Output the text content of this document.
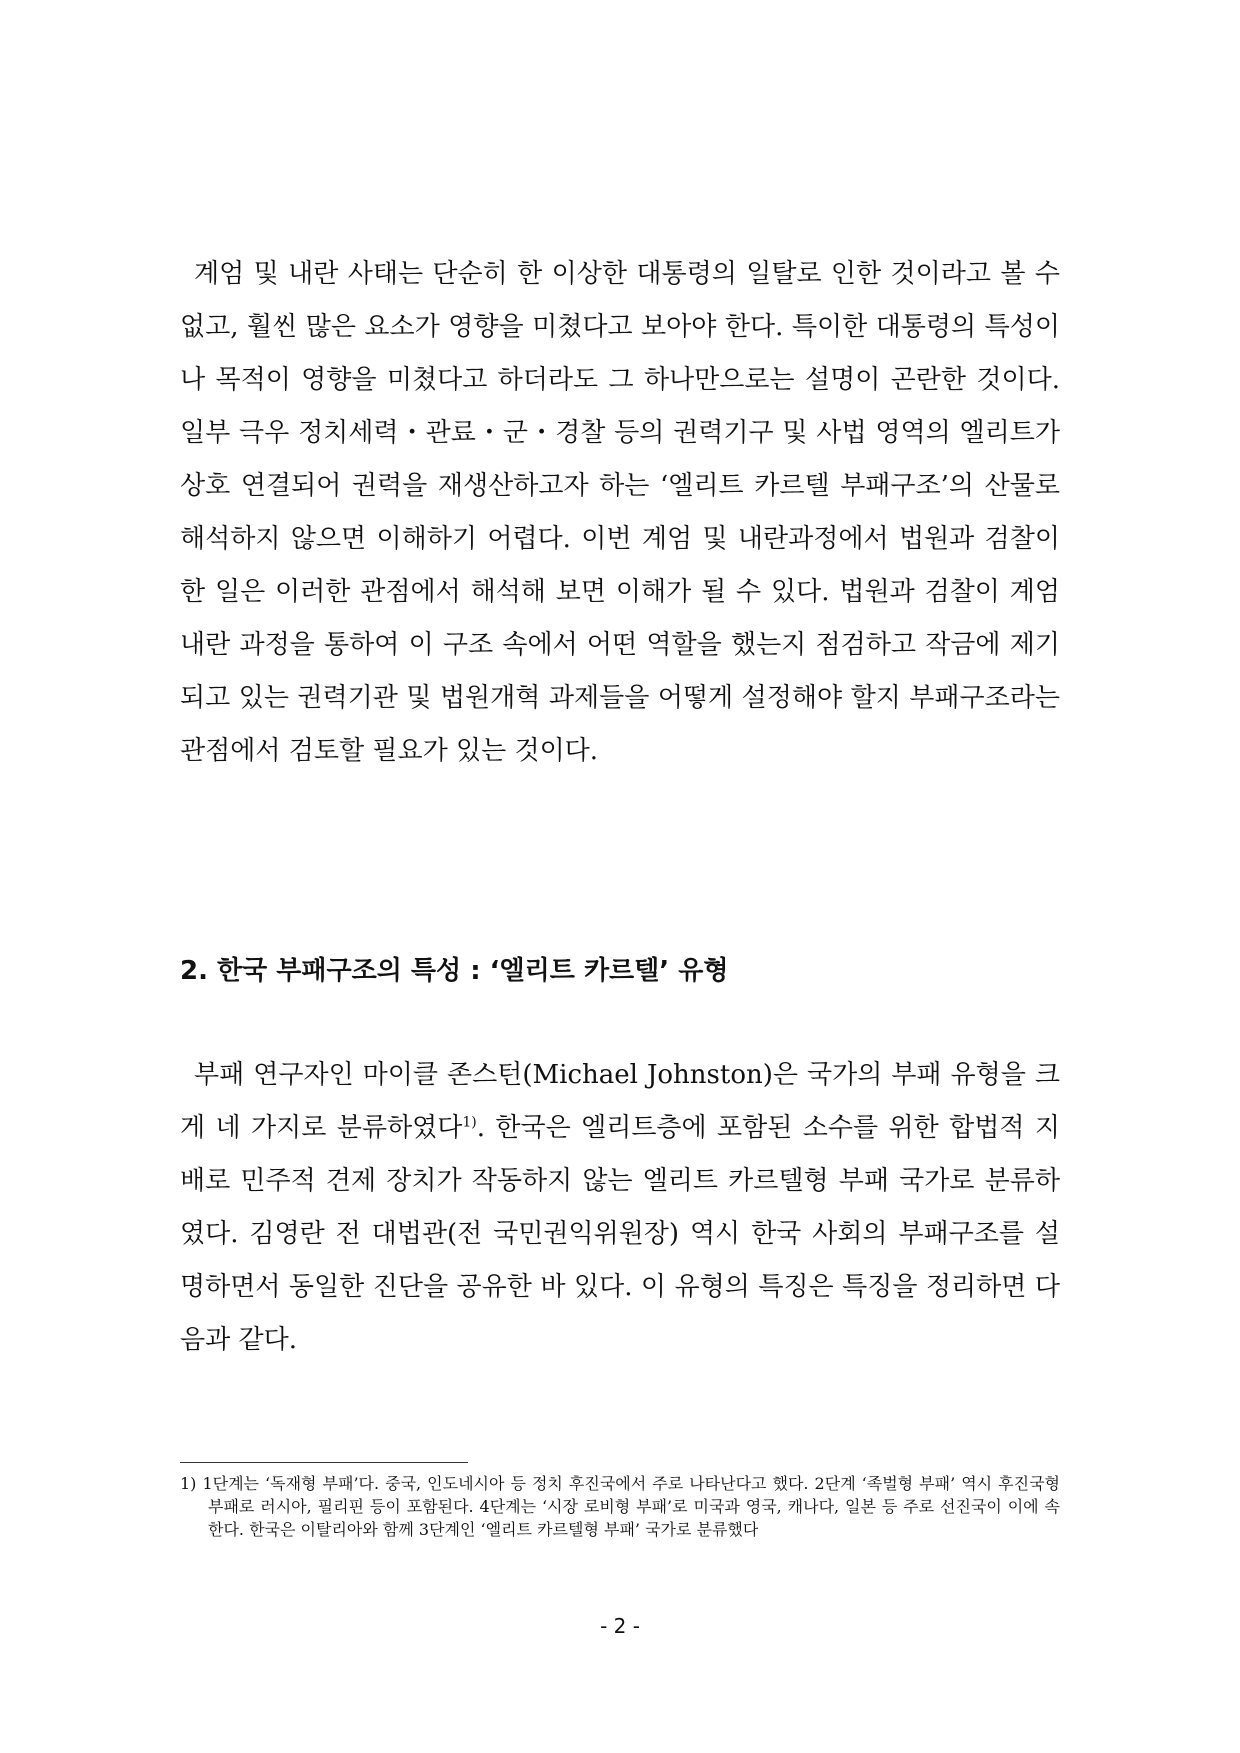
계엄 및 내란 사태는 단순히 한 이상한 대통령의 일탈로 인한 것이라고 볼 수 없고, 훨씬 많은 요소가 영향을 미쳤다고 보아야 한다. 특이한 대통령의 특성이나 목적이 영향을 미쳤다고 하더라도 그 하나만으로는 설명이 곤란한 것이다. 일부 극우 정치세력・관료・군・경찰 등의 권력기구 및 사법 영역의 엘리트가 상호 연결되어 권력을 재생산하고자 하는 ‘엘리트 카르텔 부패구조’의 산물로 해석하지 않으면 이해하기 어렵다. 이번 계엄 및 내란과정에서 법원과 검찰이 한 일은 이러한 관점에서 해석해 보면 이해가 될 수 있다. 법원과 검찰이 계엄 내란 과정을 통하여 이 구조 속에서 어떤 역할을 했는지 점검하고 작금에 제기되고 있는 권력기관 및 법원개혁 과제들을 어떻게 설정해야 할지 부패구조라는 관점에서 검토할 필요가 있는 것이다.

2. 한국 부패구조의 특성 : ‘엘리트 카르텔’ 유형

부패 연구자인 마이클 존스턴(Michael Johnston)은 국가의 부패 유형을 크게 네 가지로 분류하였다$^{1)}$. 한국은 엘리트층에 포함된 소수를 위한 합법적 지배로 민주적 견제 장치가 작동하지 않는 엘리트 카르텔형 부패 국가로 분류하였다. 김영란 전 대법관(전 국민권익위원장) 역시 한국 사회의 부패구조를 설명하면서 동일한 진단을 공유한 바 있다. 이 유형의 특징은 특징을 정리하면 다음과 같다.

1) 1단계는 ‘독재형 부패’다. 중국, 인도네시아 등 정치 후진국에서 주로 나타난다고 했다. 2단계 ‘족벌형 부패’ 역시 후진국형 부패로 러시아, 필리핀 등이 포함된다. 4단계는 ‘시장 로비형 부패’로 미국과 영국, 캐나다, 일본 등 주로 선진국이 이에 속한다. 한국은 이탈리아와 함께 3단계인 ‘엘리트 카르텔형 부패’ 국가로 분류했다

- 2 -
